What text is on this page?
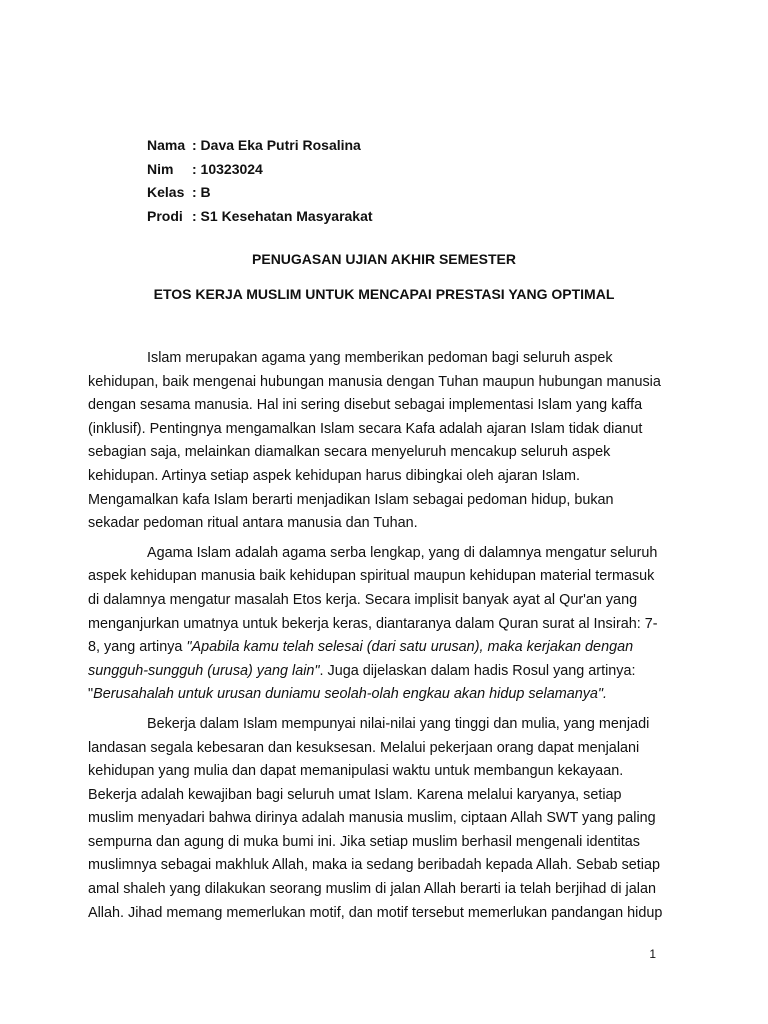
Nama : Dava Eka Putri Rosalina
Nim	: 10323024
Kelas : B
Prodi : S1 Kesehatan Masyarakat
PENUGASAN UJIAN AKHIR SEMESTER
ETOS KERJA MUSLIM UNTUK MENCAPAI PRESTASI YANG OPTIMAL
Islam merupakan agama yang memberikan pedoman bagi seluruh aspek
kehidupan, baik mengenai hubungan manusia dengan Tuhan maupun hubungan manusia
dengan sesama manusia. Hal ini sering disebut sebagai implementasi Islam yang kaffa
(inklusif). Pentingnya mengamalkan Islam secara Kafa adalah ajaran Islam tidak dianut
sebagian saja, melainkan diamalkan secara menyeluruh mencakup seluruh aspek
kehidupan. Artinya setiap aspek kehidupan harus dibingkai oleh ajaran Islam.
Mengamalkan kafa Islam berarti menjadikan Islam sebagai pedoman hidup, bukan
sekadar pedoman ritual antara manusia dan Tuhan.
Agama Islam adalah agama serba lengkap, yang di dalamnya mengatur seluruh
aspek kehidupan manusia baik kehidupan spiritual maupun kehidupan material termasuk
di dalamnya mengatur masalah Etos kerja. Secara implisit banyak ayat al Qur'an yang
menganjurkan umatnya untuk bekerja keras, diantaranya dalam Quran surat al Insirah: 7-
8, yang artinya "Apabila kamu telah selesai (dari satu urusan), maka kerjakan dengan
sungguh-sungguh (urusa) yang lain". Juga dijelaskan dalam hadis Rosul yang artinya:
"Berusahalah untuk urusan duniamu seolah-olah engkau akan hidup selamanya".
Bekerja dalam Islam mempunyai nilai-nilai yang tinggi dan mulia, yang menjadi
landasan segala kebesaran dan kesuksesan. Melalui pekerjaan orang dapat menjalani
kehidupan yang mulia dan dapat memanipulasi waktu untuk membangun kekayaan.
Bekerja adalah kewajiban bagi seluruh umat Islam. Karena melalui karyanya, setiap
muslim menyadari bahwa dirinya adalah manusia muslim, ciptaan Allah SWT yang paling
sempurna dan agung di muka bumi ini. Jika setiap muslim berhasil mengenali identitas
muslimnya sebagai makhluk Allah, maka ia sedang beribadah kepada Allah. Sebab setiap
amal shaleh yang dilakukan seorang muslim di jalan Allah berarti ia telah berjihad di jalan
Allah. Jihad memang memerlukan motif, dan motif tersebut memerlukan pandangan hidup
1
